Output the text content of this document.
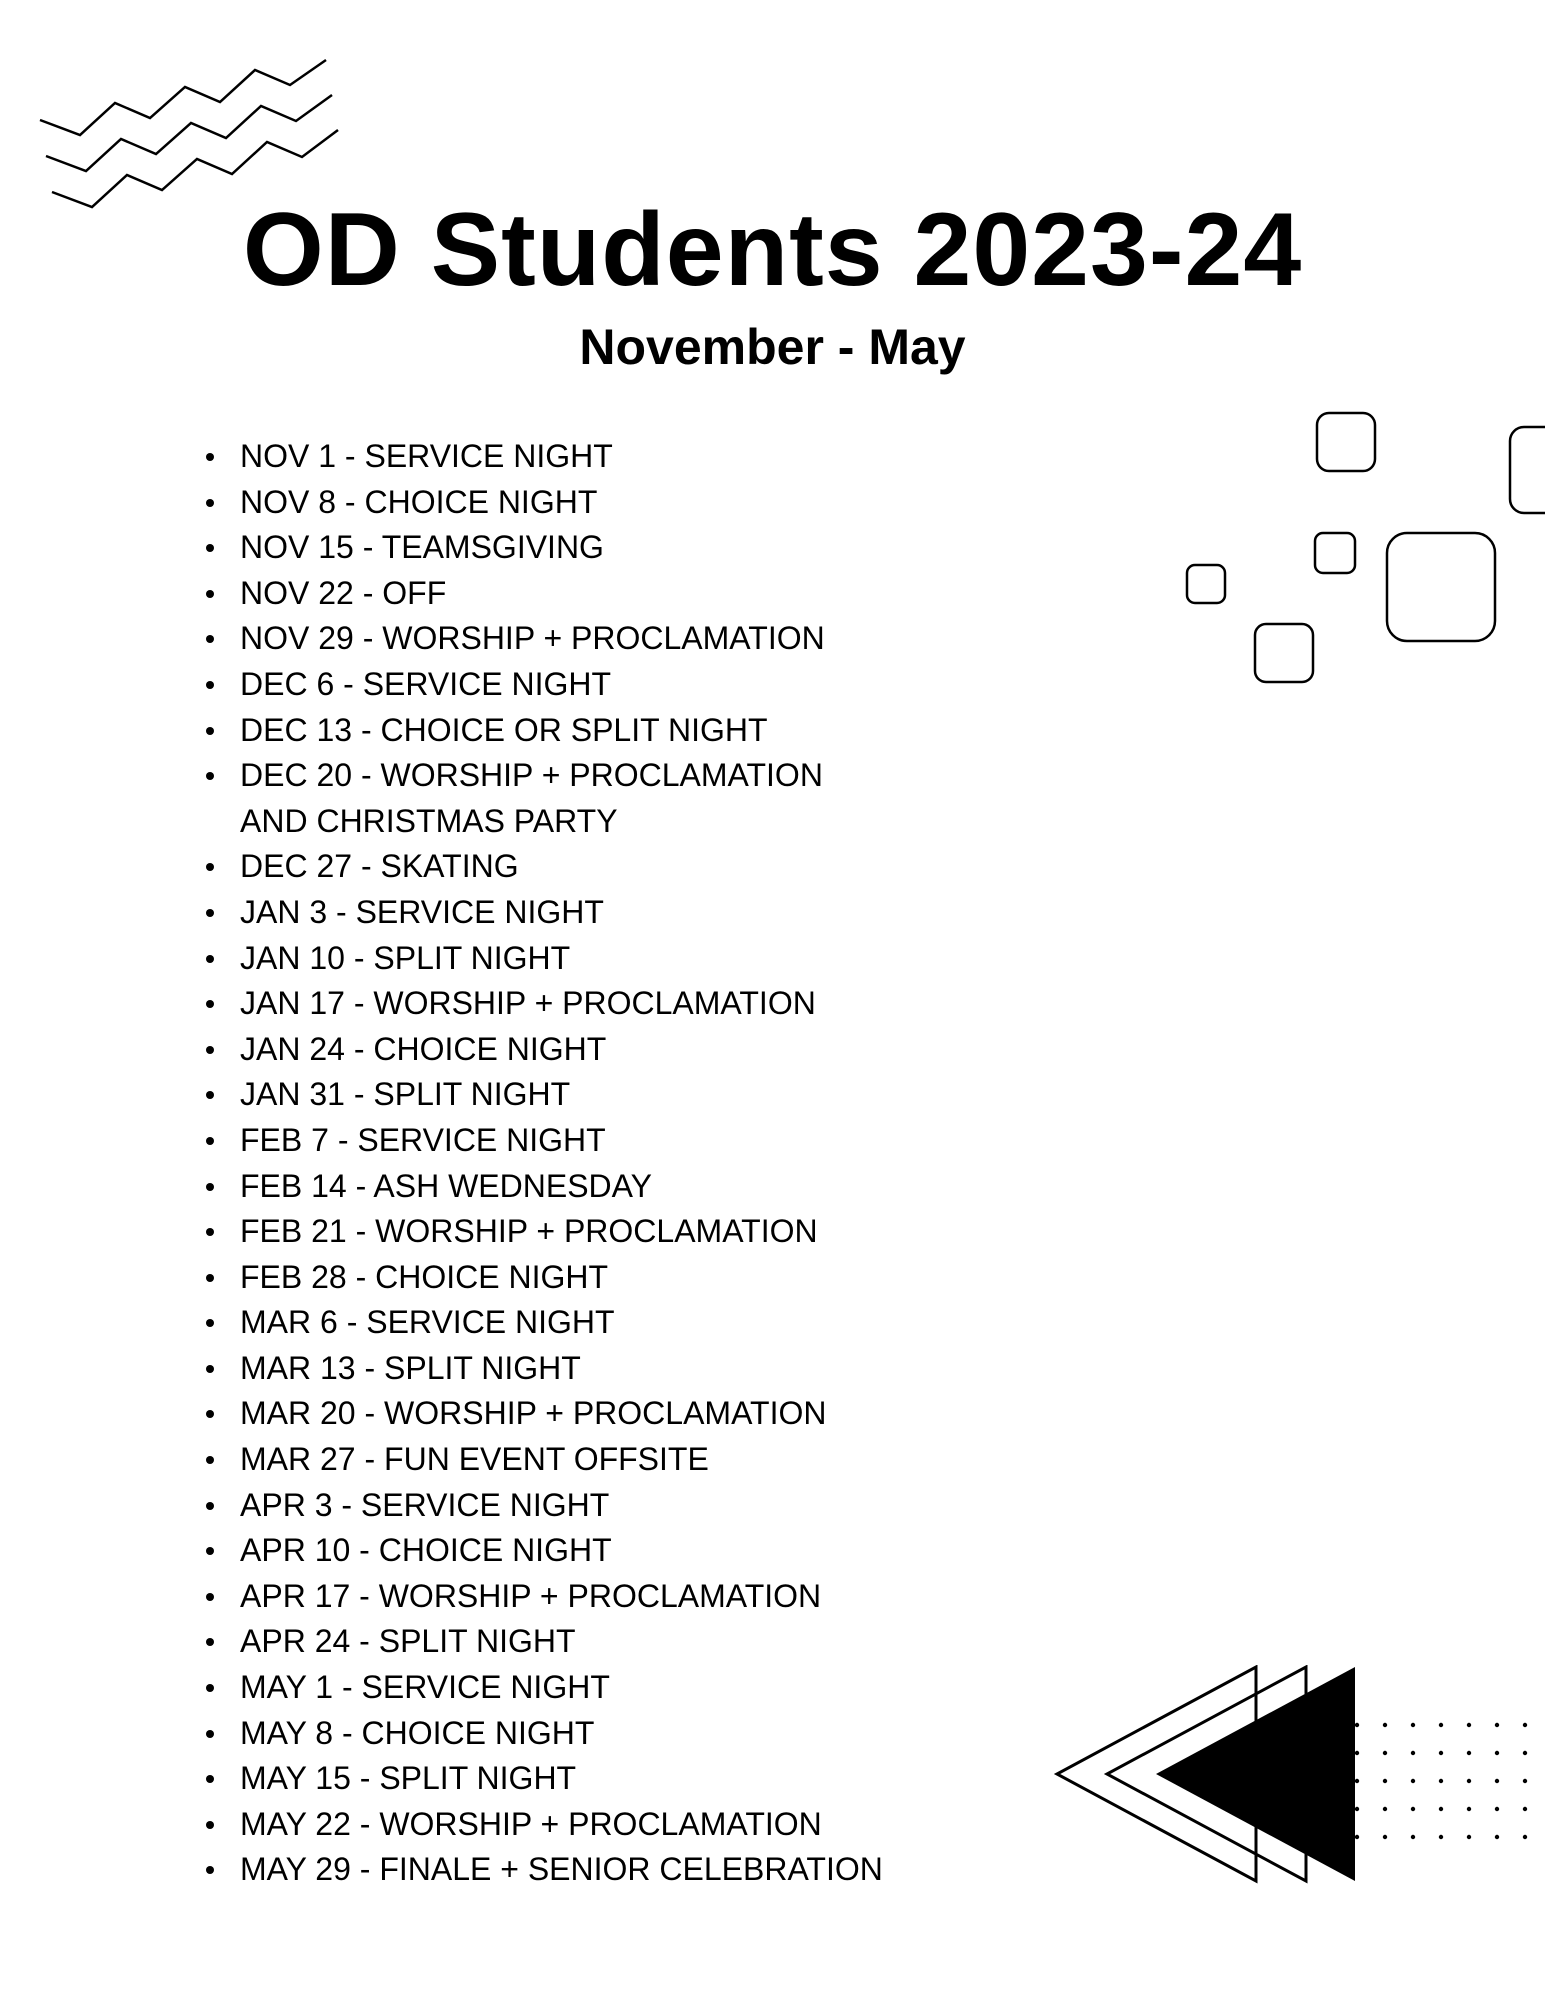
OD Students 2023-24
November - May
NOV 1 - SERVICE NIGHT
NOV 8 - CHOICE NIGHT
NOV 15 - TEAMSGIVING
NOV 22 - OFF
NOV 29 - WORSHIP + PROCLAMATION
DEC 6 - SERVICE NIGHT
DEC 13 - CHOICE OR SPLIT NIGHT
DEC 20 - WORSHIP + PROCLAMATION
AND CHRISTMAS PARTY
DEC 27 - SKATING
JAN 3 - SERVICE NIGHT
JAN 10 - SPLIT NIGHT
JAN 17 - WORSHIP + PROCLAMATION
JAN 24 - CHOICE NIGHT
JAN 31 - SPLIT NIGHT
FEB 7 - SERVICE NIGHT
FEB 14 - ASH WEDNESDAY
FEB 21 - WORSHIP + PROCLAMATION
FEB 28 - CHOICE NIGHT
MAR 6 - SERVICE NIGHT
MAR 13 - SPLIT NIGHT
MAR 20 - WORSHIP + PROCLAMATION
MAR 27 - FUN EVENT OFFSITE
APR 3 - SERVICE NIGHT
APR 10 - CHOICE NIGHT
APR 17 - WORSHIP + PROCLAMATION
APR 24 - SPLIT NIGHT
MAY 1 - SERVICE NIGHT
MAY 8 - CHOICE NIGHT
MAY 15 - SPLIT NIGHT
MAY 22 - WORSHIP + PROCLAMATION
MAY 29 - FINALE + SENIOR CELEBRATION
